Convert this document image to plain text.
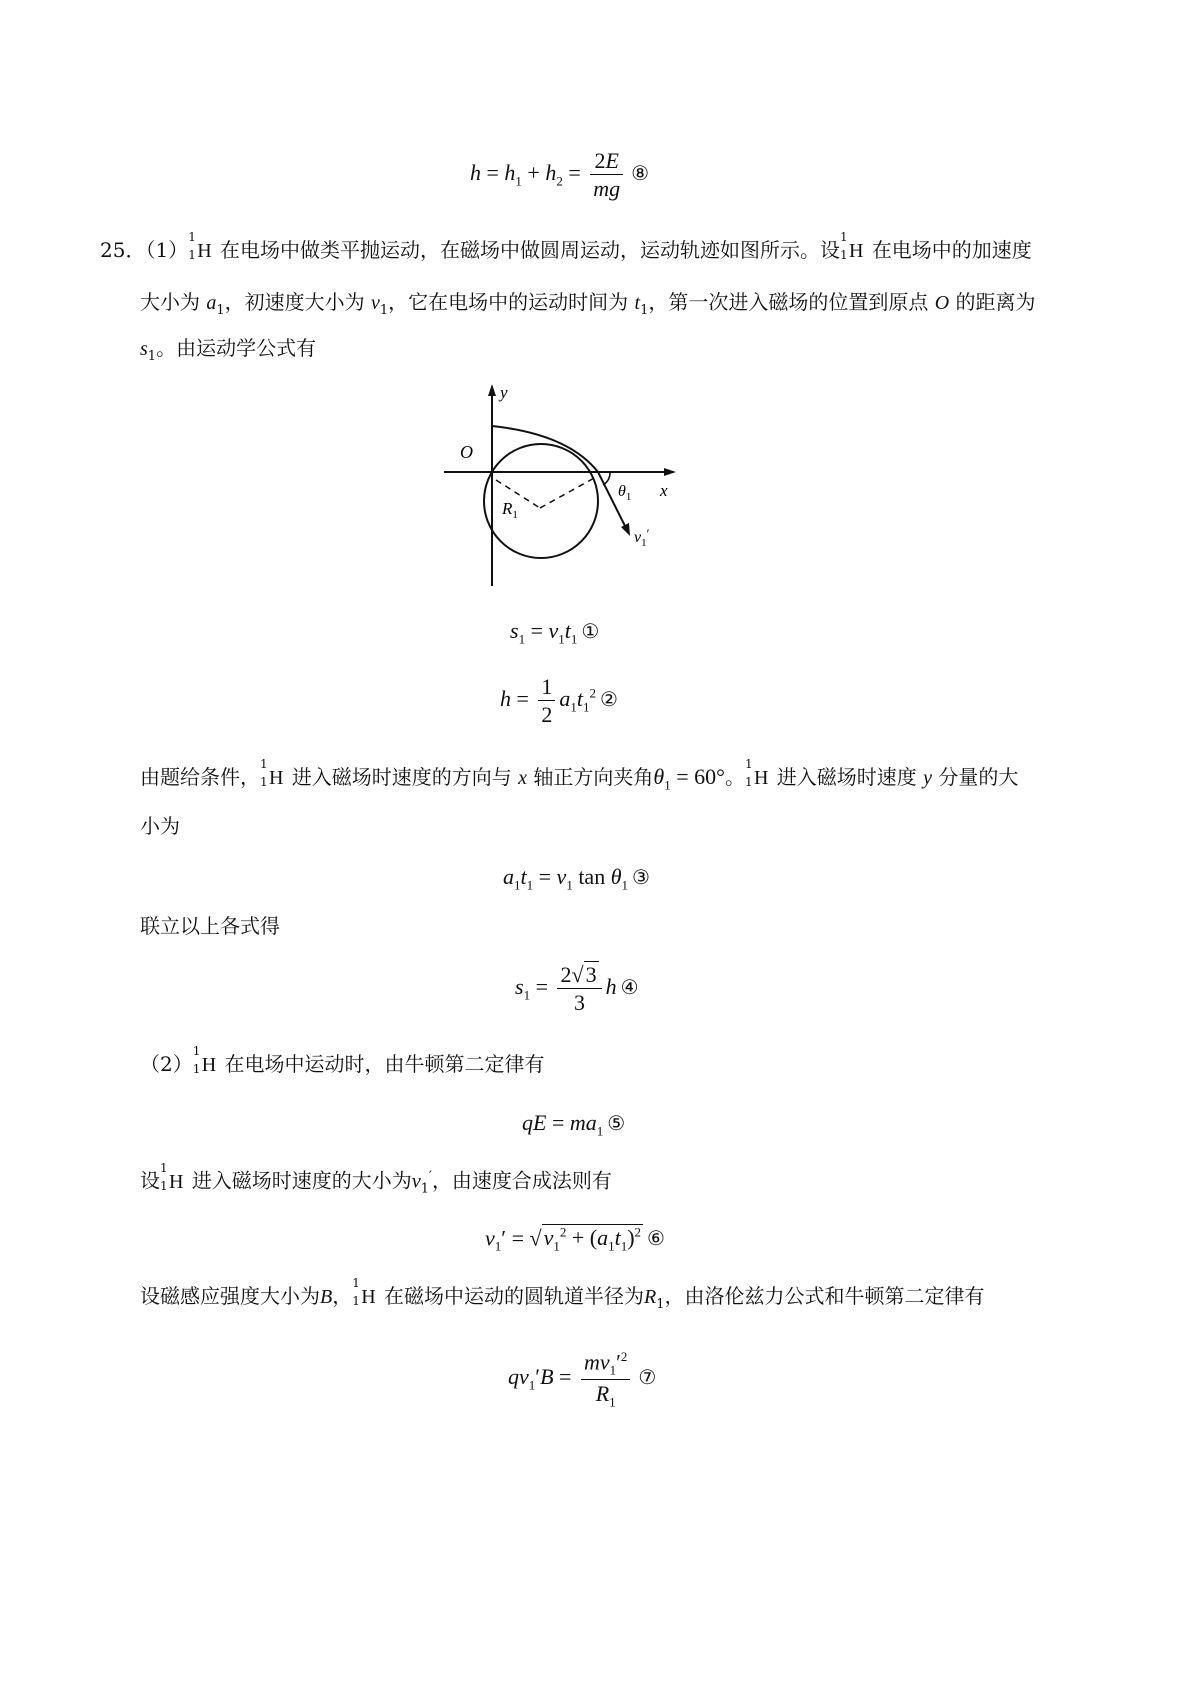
$h = h_1 + h_2 = \frac{2E}{mg}$ ⑧
25．（1）
1
1 H 在电场中做类平抛运动，在磁场中做圆周运动，运动轨迹如图所示。设
1
1 H 在电场中的加速度
大小为 $a_1$，初速度大小为 $v_1$，它在电场中的运动时间为 $t_1$，第一次进入磁场的位置到原点 O 的距离为
$s_1$。由运动学公式有
y
x
O
$R_1$
$\theta_1$
$v_1'$
$s_1 = v_1t_1$ ①
$h = \frac{1}{2} a_1t_1^2$ ②
由题给条件，
1
1 H 进入磁场时速度的方向与 x 轴正方向夹角$\theta_1 = 60^\circ$。
1
1 H 进入磁场时速度 y 分量的大
小为
$a_1t_1 = v_1$ $\tan \theta_1$ ③
联立以上各式得
$s_1 = \frac{2√3}{3}$ h ④
（2）
1
1 H 在电场中运动时，由牛顿第二定律有
qE = $ma_1$ ⑤
设
1
1 H 进入磁场时速度的大小为$v_1'$，由速度合成法则有
$v_1' = √v_1^2 + (a_1t_1)^2$ ⑥
设磁感应强度大小为B，
1
1 H 在磁场中运动的圆轨道半径为$R_1$，由洛伦兹力公式和牛顿第二定律有
$qv_1'B = \frac{mv_1'^2}{R_1}$ ⑦
